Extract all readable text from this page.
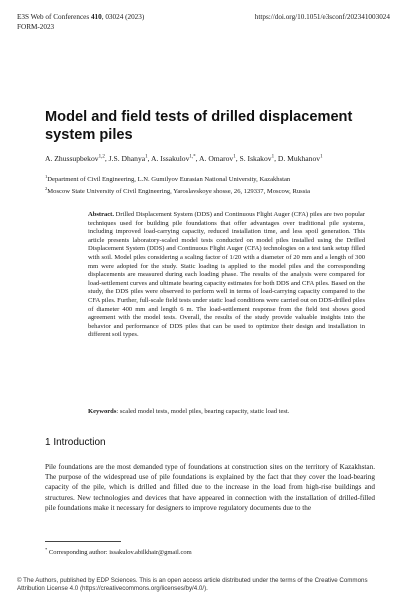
E3S Web of Conferences 410, 03024 (2023)
FORM-2023
https://doi.org/10.1051/e3sconf/202341003024
Model and field tests of drilled displacement system piles
A. Zhussupbekov$^{1,2}$, J.S. Dhanya$^1$, A. Issakulov$^{1,*}$, A. Omarov$^1$, S. Iskakov$^1$, D. Mukhanov$^1$
$^1$Department of Civil Engineering, L.N. Gumilyov Eurasian National University, Kazakhstan
$^2$Moscow State University of Civil Engineering, Yaroslavskoye shosse, 26, 129337, Moscow, Russia
Abstract. Drilled Displacement System (DDS) and Continuous Flight Auger (CFA) piles are two popular techniques used for building pile foundations that offer advantages over traditional pile systems, including improved load-carrying capacity, reduced installation time, and less spoil generation. This article presents laboratory-scaled model tests conducted on model piles installed using the Drilled Displacement System (DDS) and Continuous Flight Auger (CFA) technologies on a test tank setup filled with soil. Model piles considering a scaling factor of 1/20 with a diameter of 20 mm and a length of 300 mm were adopted for the study. Static loading is applied to the model piles and the corresponding displacements are measured during each loading phase. The results of the analysis were compared for load-settlement curves and ultimate bearing capacity estimates for both DDS and CFA piles. Based on the study, the DDS piles were observed to perform well in terms of load-carrying capacity compared to the CFA piles. Further, full-scale field tests under static load conditions were carried out on DDS-drilled piles of diameter 400 mm and length 6 m. The load-settlement response from the field test shows good agreement with the model tests. Overall, the results of the study provide valuable insights into the behavior and performance of DDS piles that can be used to optimize their design and installation in different soil types.
Keywords: scaled model tests, model piles, bearing capacity, static load test.
1 Introduction
Pile foundations are the most demanded type of foundations at construction sites on the territory of Kazakhstan. The purpose of the widespread use of pile foundations is explained by the fact that they cover the load-bearing capacity of the pile, which is drilled and filled due to the increase in the load from high-rise buildings and structures. New technologies and devices that have appeared in connection with the installation of drilled-filled pile foundations make it necessary for designers to improve regulatory documents due to the
* Corresponding author: issakulov.abilkhair@gmail.com
© The Authors, published by EDP Sciences. This is an open access article distributed under the terms of the Creative Commons Attribution License 4.0 (https://creativecommons.org/licenses/by/4.0/).
